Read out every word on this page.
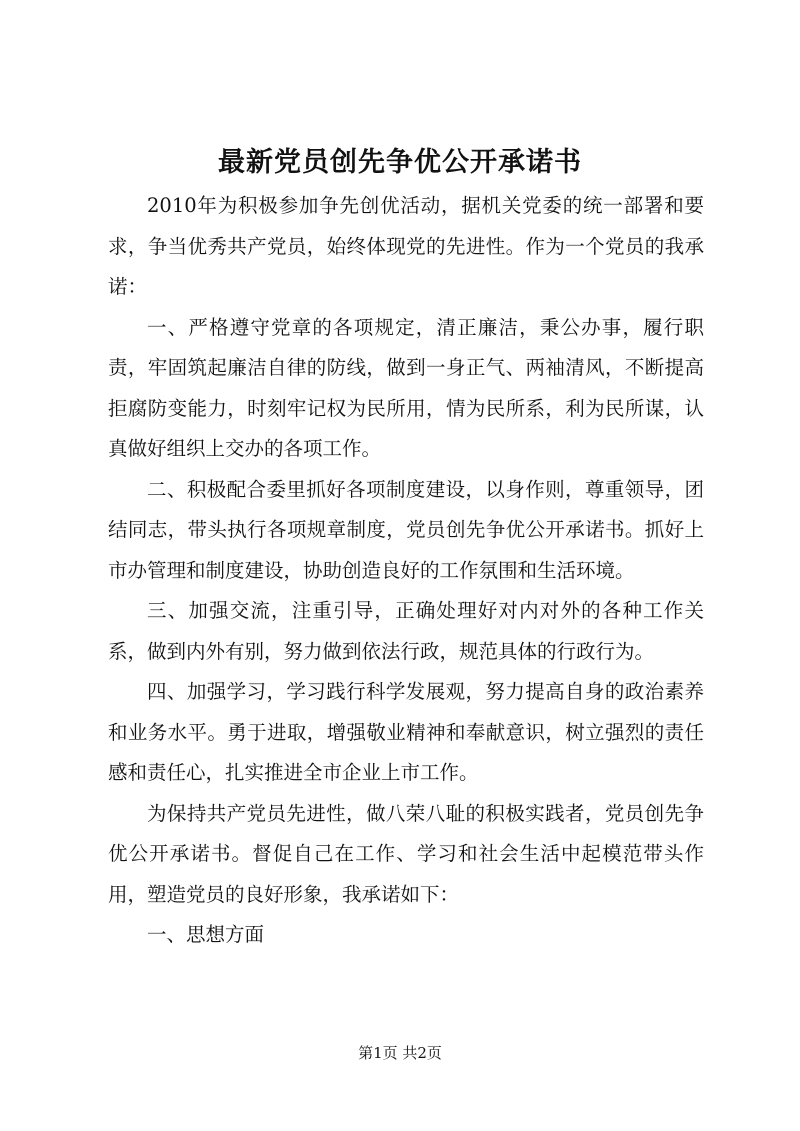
最新党员创先争优公开承诺书

2010年为积极参加争先创优活动，据机关党委的统一部署和要求，争当优秀共产党员，始终体现党的先进性。作为一个党员的我承诺：

一、严格遵守党章的各项规定，清正廉洁，秉公办事，履行职责，牢固筑起廉洁自律的防线，做到一身正气、两袖清风，不断提高拒腐防变能力，时刻牢记权为民所用，情为民所系，利为民所谋，认真做好组织上交办的各项工作。

二、积极配合委里抓好各项制度建设，以身作则，尊重领导，团结同志，带头执行各项规章制度，党员创先争优公开承诺书。抓好上市办管理和制度建设，协助创造良好的工作氛围和生活环境。

三、加强交流，注重引导，正确处理好对内对外的各种工作关系，做到内外有别，努力做到依法行政，规范具体的行政行为。

四、加强学习，学习践行科学发展观，努力提高自身的政治素养和业务水平。勇于进取，增强敬业精神和奉献意识，树立强烈的责任感和责任心，扎实推进全市企业上市工作。

为保持共产党员先进性，做八荣八耻的积极实践者，党员创先争优公开承诺书。督促自己在工作、学习和社会生活中起模范带头作用，塑造党员的良好形象，我承诺如下：

一、思想方面

第1页 共2页
